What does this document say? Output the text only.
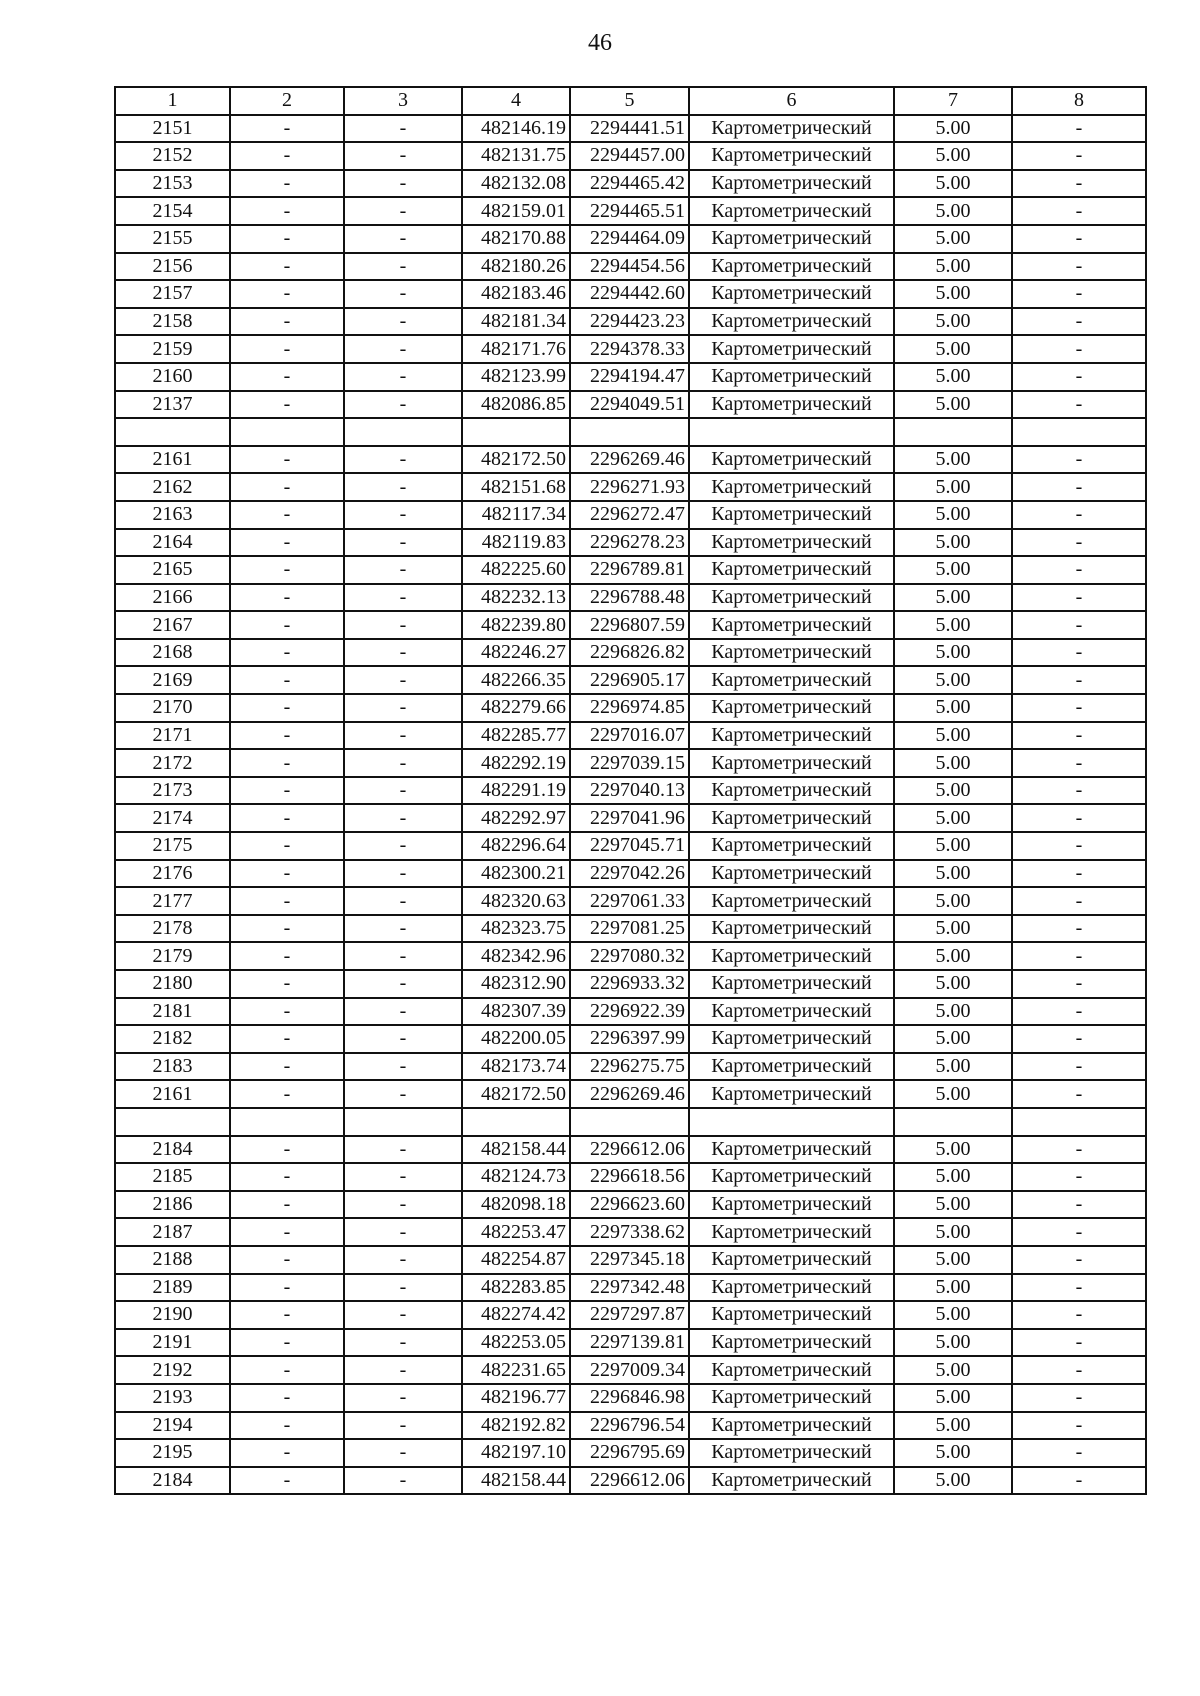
46
1	2	3	4	5	6	7	8
2151	-	-	482146.19	2294441.51	Картометрический	5.00	-
2152	-	-	482131.75	2294457.00	Картометрический	5.00	-
2153	-	-	482132.08	2294465.42	Картометрический	5.00	-
2154	-	-	482159.01	2294465.51	Картометрический	5.00	-
2155	-	-	482170.88	2294464.09	Картометрический	5.00	-
2156	-	-	482180.26	2294454.56	Картометрический	5.00	-
2157	-	-	482183.46	2294442.60	Картометрический	5.00	-
2158	-	-	482181.34	2294423.23	Картометрический	5.00	-
2159	-	-	482171.76	2294378.33	Картометрический	5.00	-
2160	-	-	482123.99	2294194.47	Картометрический	5.00	-
2137	-	-	482086.85	2294049.51	Картометрический	5.00	-

2161	-	-	482172.50	2296269.46	Картометрический	5.00	-
2162	-	-	482151.68	2296271.93	Картометрический	5.00	-
2163	-	-	482117.34	2296272.47	Картометрический	5.00	-
2164	-	-	482119.83	2296278.23	Картометрический	5.00	-
2165	-	-	482225.60	2296789.81	Картометрический	5.00	-
2166	-	-	482232.13	2296788.48	Картометрический	5.00	-
2167	-	-	482239.80	2296807.59	Картометрический	5.00	-
2168	-	-	482246.27	2296826.82	Картометрический	5.00	-
2169	-	-	482266.35	2296905.17	Картометрический	5.00	-
2170	-	-	482279.66	2296974.85	Картометрический	5.00	-
2171	-	-	482285.77	2297016.07	Картометрический	5.00	-
2172	-	-	482292.19	2297039.15	Картометрический	5.00	-
2173	-	-	482291.19	2297040.13	Картометрический	5.00	-
2174	-	-	482292.97	2297041.96	Картометрический	5.00	-
2175	-	-	482296.64	2297045.71	Картометрический	5.00	-
2176	-	-	482300.21	2297042.26	Картометрический	5.00	-
2177	-	-	482320.63	2297061.33	Картометрический	5.00	-
2178	-	-	482323.75	2297081.25	Картометрический	5.00	-
2179	-	-	482342.96	2297080.32	Картометрический	5.00	-
2180	-	-	482312.90	2296933.32	Картометрический	5.00	-
2181	-	-	482307.39	2296922.39	Картометрический	5.00	-
2182	-	-	482200.05	2296397.99	Картометрический	5.00	-
2183	-	-	482173.74	2296275.75	Картометрический	5.00	-
2161	-	-	482172.50	2296269.46	Картометрический	5.00	-

2184	-	-	482158.44	2296612.06	Картометрический	5.00	-
2185	-	-	482124.73	2296618.56	Картометрический	5.00	-
2186	-	-	482098.18	2296623.60	Картометрический	5.00	-
2187	-	-	482253.47	2297338.62	Картометрический	5.00	-
2188	-	-	482254.87	2297345.18	Картометрический	5.00	-
2189	-	-	482283.85	2297342.48	Картометрический	5.00	-
2190	-	-	482274.42	2297297.87	Картометрический	5.00	-
2191	-	-	482253.05	2297139.81	Картометрический	5.00	-
2192	-	-	482231.65	2297009.34	Картометрический	5.00	-
2193	-	-	482196.77	2296846.98	Картометрический	5.00	-
2194	-	-	482192.82	2296796.54	Картометрический	5.00	-
2195	-	-	482197.10	2296795.69	Картометрический	5.00	-
2184	-	-	482158.44	2296612.06	Картометрический	5.00	-
